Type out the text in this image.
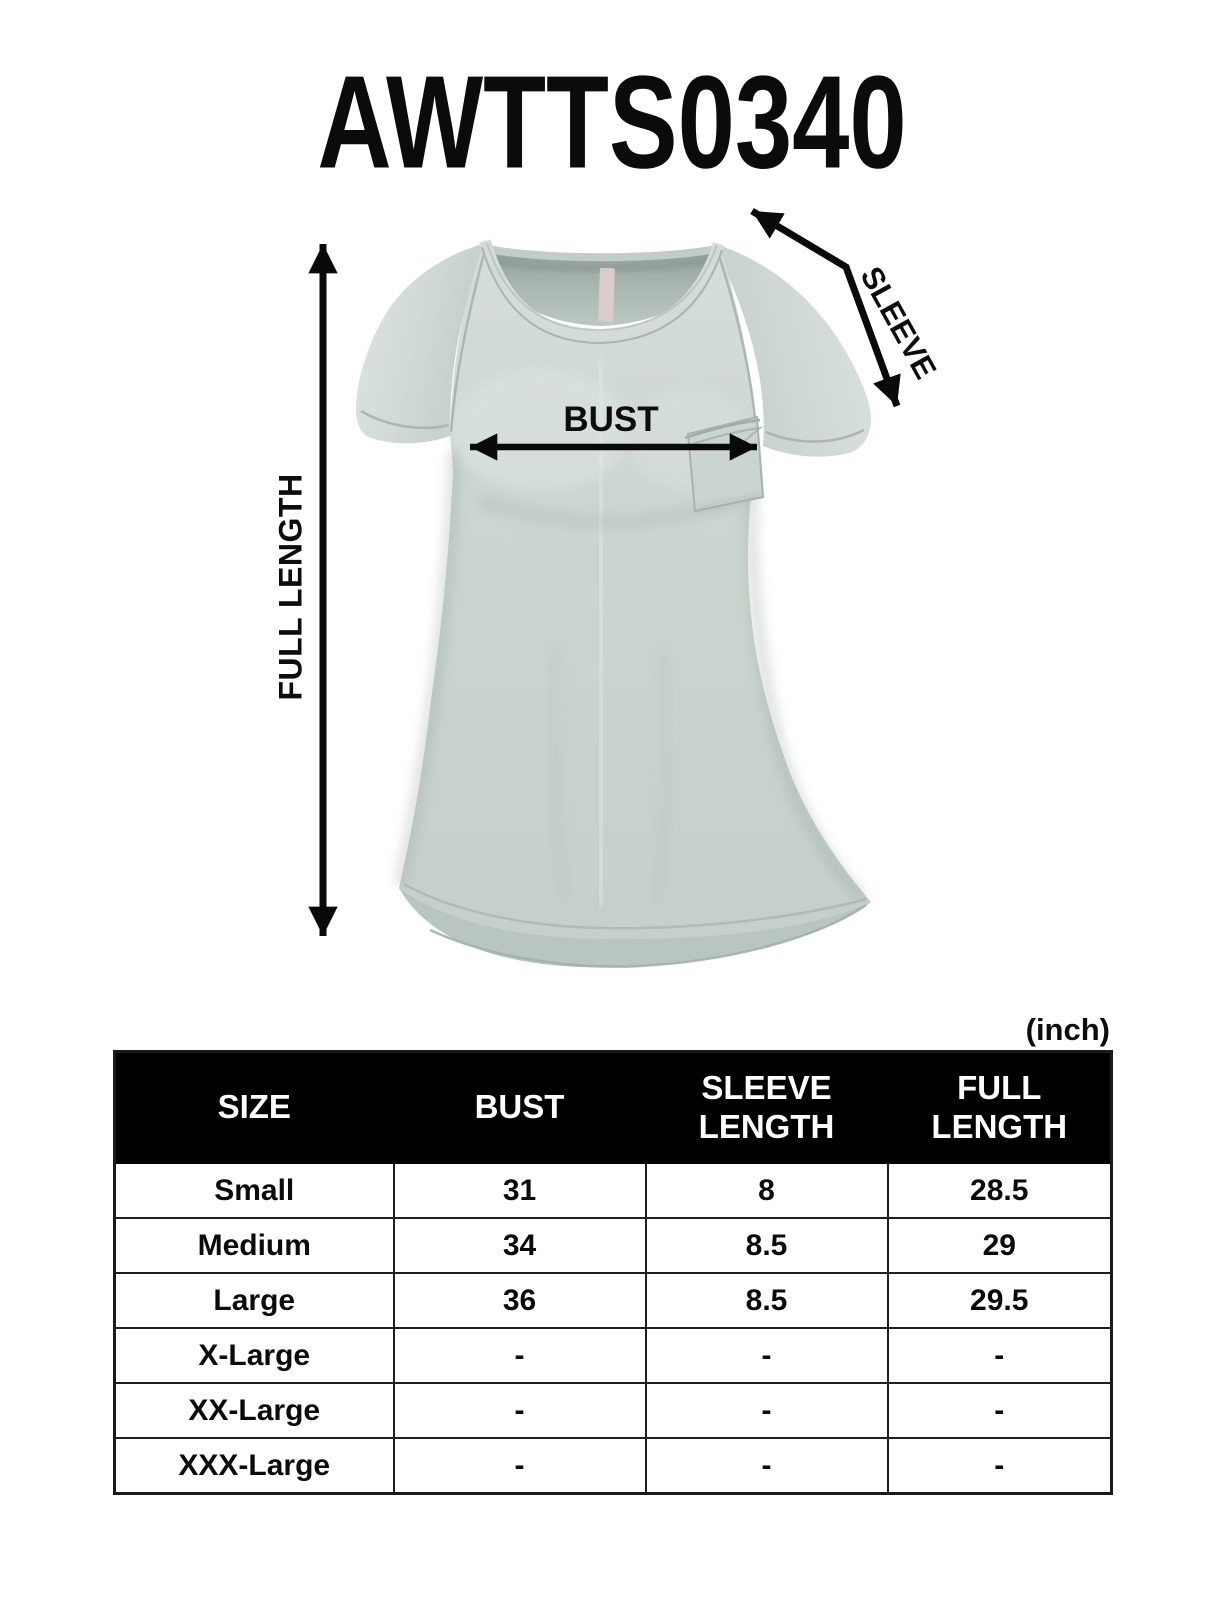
AWTTS0340
FULL LENGTH
BUST
SLEEVE
(inch)
SIZE	BUST	SLEEVE LENGTH	FULL LENGTH
Small	31	8	28.5
Medium	34	8.5	29
Large	36	8.5	29.5
X-Large	-	-	-
XX-Large	-	-	-
XXX-Large	-	-	-
